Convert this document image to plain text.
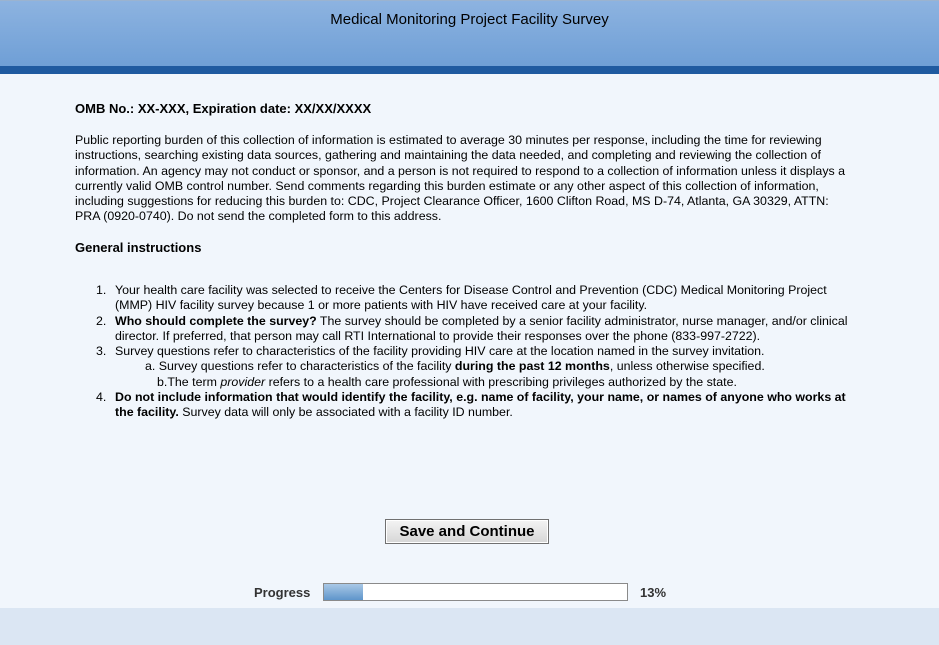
Medical Monitoring Project Facility Survey
OMB No.: XX-XXX, Expiration date: XX/XX/XXXX
Public reporting burden of this collection of information is estimated to average 30 minutes per response, including the time for reviewing instructions, searching existing data sources, gathering and maintaining the data needed, and completing and reviewing the collection of information. An agency may not conduct or sponsor, and a person is not required to respond to a collection of information unless it displays a currently valid OMB control number. Send comments regarding this burden estimate or any other aspect of this collection of information, including suggestions for reducing this burden to: CDC, Project Clearance Officer, 1600 Clifton Road, MS D-74, Atlanta, GA 30329, ATTN: PRA (0920-0740). Do not send the completed form to this address.
General instructions
1. Your health care facility was selected to receive the Centers for Disease Control and Prevention (CDC) Medical Monitoring Project (MMP) HIV facility survey because 1 or more patients with HIV have received care at your facility.
2. Who should complete the survey? The survey should be completed by a senior facility administrator, nurse manager, and/or clinical director. If preferred, that person may call RTI International to provide their responses over the phone (833-997-2722).
3. Survey questions refer to characteristics of the facility providing HIV care at the location named in the survey invitation.
a. Survey questions refer to characteristics of the facility during the past 12 months, unless otherwise specified.
b.The term provider refers to a health care professional with prescribing privileges authorized by the state.
4. Do not include information that would identify the facility, e.g. name of facility, your name, or names of anyone who works at the facility. Survey data will only be associated with a facility ID number.
Save and Continue
Progress	13%
